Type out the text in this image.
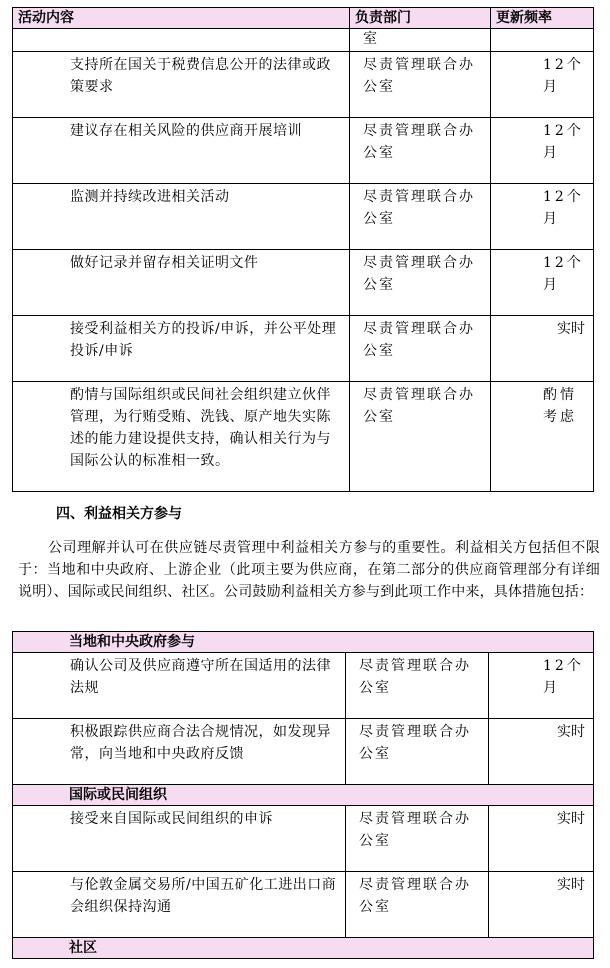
活动内容	负责部门	更新频率
	室	
支持所在国关于税费信息公开的法律或政策要求	尽责管理联合办公室	12个月
建议存在相关风险的供应商开展培训	尽责管理联合办公室	12个月
监测并持续改进相关活动	尽责管理联合办公室	12个月
做好记录并留存相关证明文件	尽责管理联合办公室	12个月
接受利益相关方的投诉/申诉，并公平处理投诉/申诉	尽责管理联合办公室	实时
酌情与国际组织或民间社会组织建立伙伴管理，为行贿受贿、洗钱、原产地失实陈述的能力建设提供支持，确认相关行为与国际公认的标准相一致。	尽责管理联合办公室	酌情考虑
四、利益相关方参与

公司理解并认可在供应链尽责管理中利益相关方参与的重要性。利益相关方包括但不限于：当地和中央政府、上游企业（此项主要为供应商，在第二部分的供应商管理部分有详细说明）、国际或民间组织、社区。公司鼓励利益相关方参与到此项工作中来，具体措施包括：

当地和中央政府参与		
确认公司及供应商遵守所在国适用的法律法规	尽责管理联合办公室	12个月
积极跟踪供应商合法合规情况，如发现异常，向当地和中央政府反馈	尽责管理联合办公室	实时
国际或民间组织		
接受来自国际或民间组织的申诉	尽责管理联合办公室	实时
与伦敦金属交易所/中国五矿化工进出口商会组织保持沟通	尽责管理联合办公室	实时
社区		
